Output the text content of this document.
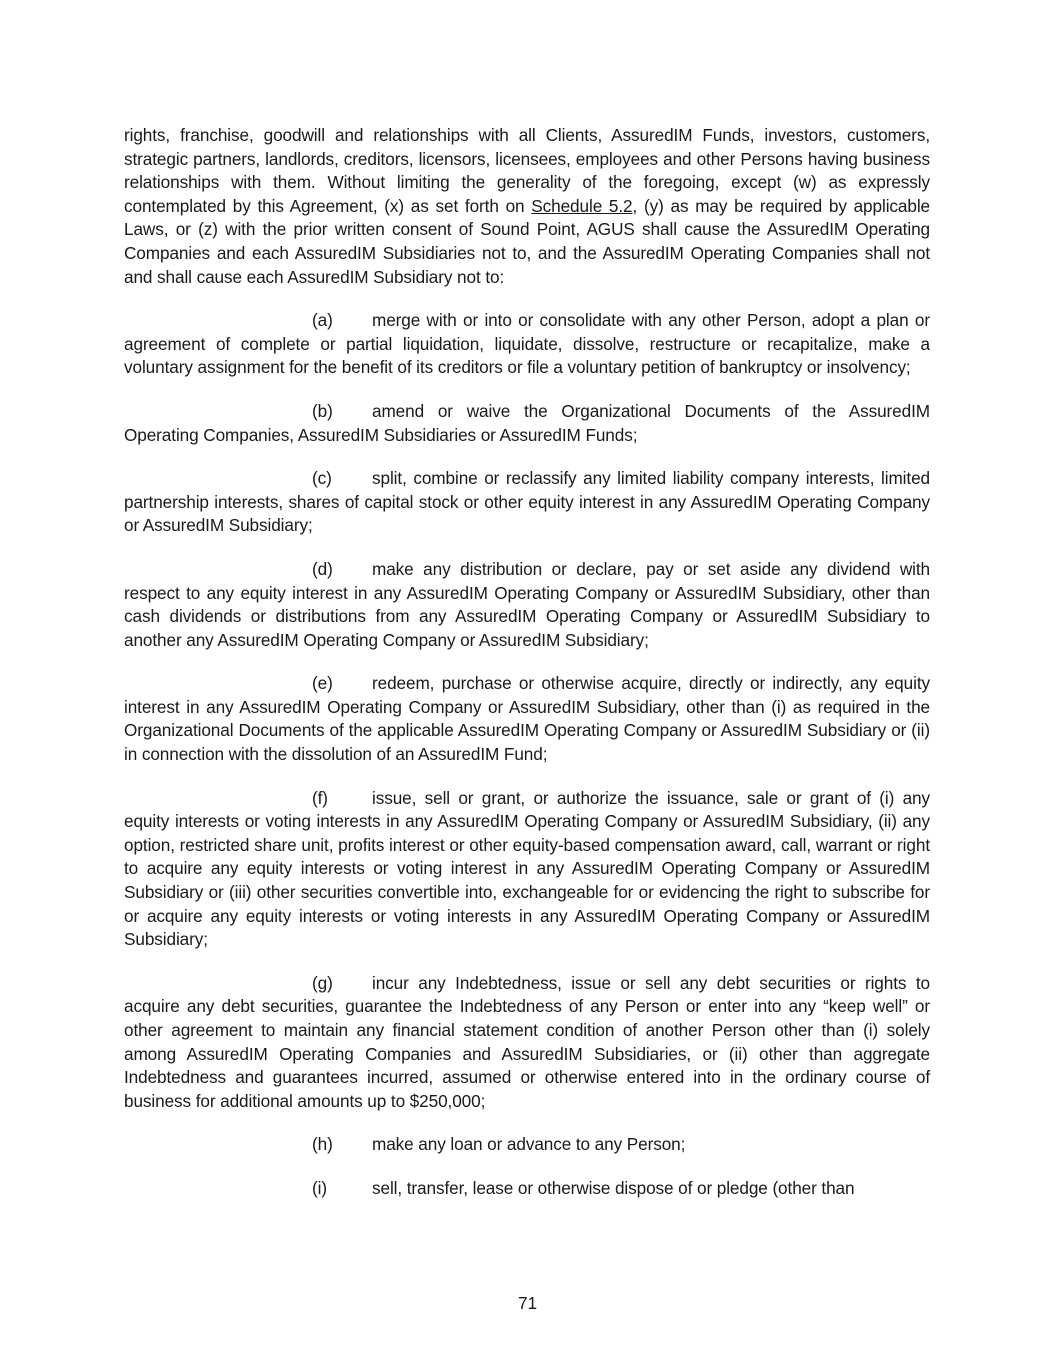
rights, franchise, goodwill and relationships with all Clients, AssuredIM Funds, investors, customers, strategic partners, landlords, creditors, licensors, licensees, employees and other Persons having business relationships with them. Without limiting the generality of the foregoing, except (w) as expressly contemplated by this Agreement, (x) as set forth on Schedule 5.2, (y) as may be required by applicable Laws, or (z) with the prior written consent of Sound Point, AGUS shall cause the AssuredIM Operating Companies and each AssuredIM Subsidiaries not to, and the AssuredIM Operating Companies shall not and shall cause each AssuredIM Subsidiary not to:

(a) merge with or into or consolidate with any other Person, adopt a plan or agreement of complete or partial liquidation, liquidate, dissolve, restructure or recapitalize, make a voluntary assignment for the benefit of its creditors or file a voluntary petition of bankruptcy or insolvency;

(b) amend or waive the Organizational Documents of the AssuredIM Operating Companies, AssuredIM Subsidiaries or AssuredIM Funds;

(c) split, combine or reclassify any limited liability company interests, limited partnership interests, shares of capital stock or other equity interest in any AssuredIM Operating Company or AssuredIM Subsidiary;

(d) make any distribution or declare, pay or set aside any dividend with respect to any equity interest in any AssuredIM Operating Company or AssuredIM Subsidiary, other than cash dividends or distributions from any AssuredIM Operating Company or AssuredIM Subsidiary to another any AssuredIM Operating Company or AssuredIM Subsidiary;

(e) redeem, purchase or otherwise acquire, directly or indirectly, any equity interest in any AssuredIM Operating Company or AssuredIM Subsidiary, other than (i) as required in the Organizational Documents of the applicable AssuredIM Operating Company or AssuredIM Subsidiary or (ii) in connection with the dissolution of an AssuredIM Fund;

(f)	issue, sell or grant, or authorize the issuance, sale or grant of (i) any equity interests or voting interests in any AssuredIM Operating Company or AssuredIM Subsidiary, (ii) any option, restricted share unit, profits interest or other equity-based compensation award, call, warrant or right to acquire any equity interests or voting interest in any AssuredIM Operating Company or AssuredIM Subsidiary or (iii) other securities convertible into, exchangeable for or evidencing the right to subscribe for or acquire any equity interests or voting interests in any AssuredIM Operating Company or AssuredIM Subsidiary;

(g) incur any Indebtedness, issue or sell any debt securities or rights to acquire any debt securities, guarantee the Indebtedness of any Person or enter into any “keep well” or other agreement to maintain any financial statement condition of another Person other than (i) solely among AssuredIM Operating Companies and AssuredIM Subsidiaries, or (ii) other than aggregate Indebtedness and guarantees incurred, assumed or otherwise entered into in the ordinary course of business for additional amounts up to $250,000;

(h) make any loan or advance to any Person;

(i)	sell, transfer, lease or otherwise dispose of or pledge (other than

71
